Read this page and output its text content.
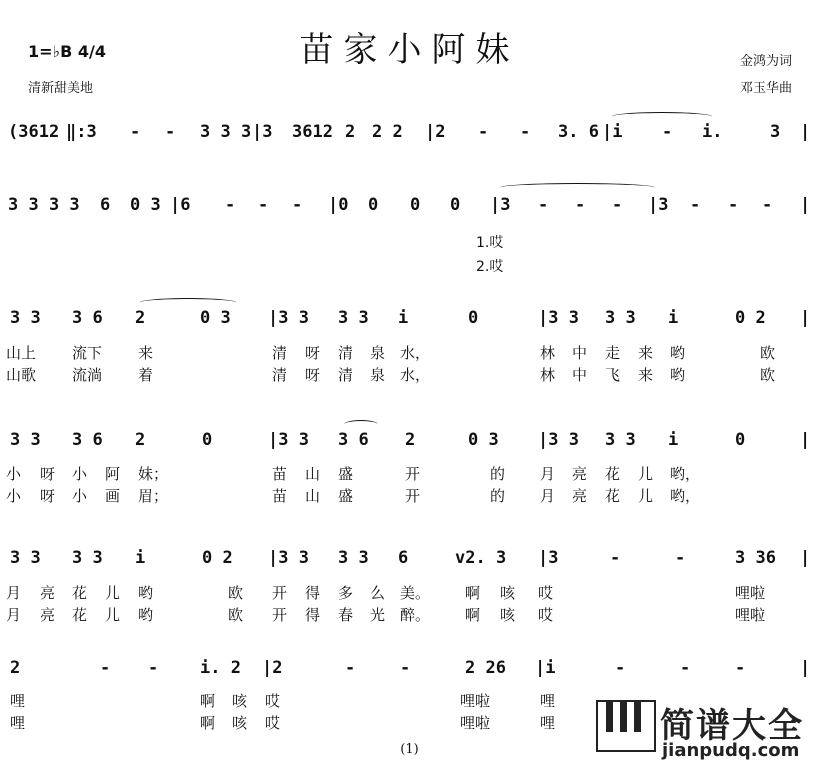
苗家小阿妹
1=♭B 4/4
清新甜美地
金鸿为词
邓玉华曲
(3612 ‖:3 - - 3 3 3 |3 3612 2 2 2 |2 - - 3. 6 |i - i.	3 |
3 3 3 3 6 0 3 |6 - - - |0 0 0 0 |3 - - - |3 - - - |
1.哎
2.哎
3 3 3 6 2	0 3 |3 3 3 3 i	0	|3 3 3 3 i	0 2 |
山上 流下 来	清 呀 清 泉 水，	林 中 走 来 哟	欧
山歌 流淌 着	清 呀 清 泉 水，	林 中 飞 来 哟	欧
3 3 3 6 2	0	|3 3 3 6 2	0 3 |3 3 3 3 i	0	|
小 呀 小 阿 妹；	苗 山 盛	开	的 月 亮 花 儿 哟，
小 呀 小 画 眉；	苗 山 盛	开	的 月 亮 花 儿 哟，
3 3 3 3 i	0 2 |3 3 3 3 6	v2. 3 |3	-	-	3 36 |
月 亮 花 儿 哟	欧 开 得 多 么 美。 啊 咳 哎	哩啦
月 亮 花 儿 哟	欧 开 得 春 光 醉。 啊 咳 哎	哩啦
2	- - i. 2 |2	-	-	2 26 |i	-	-	-	|
哩	啊 咳 哎	哩啦	哩
哩	啊 咳 哎	哩啦	哩
(1)
简谱大全
jianpudq.com
